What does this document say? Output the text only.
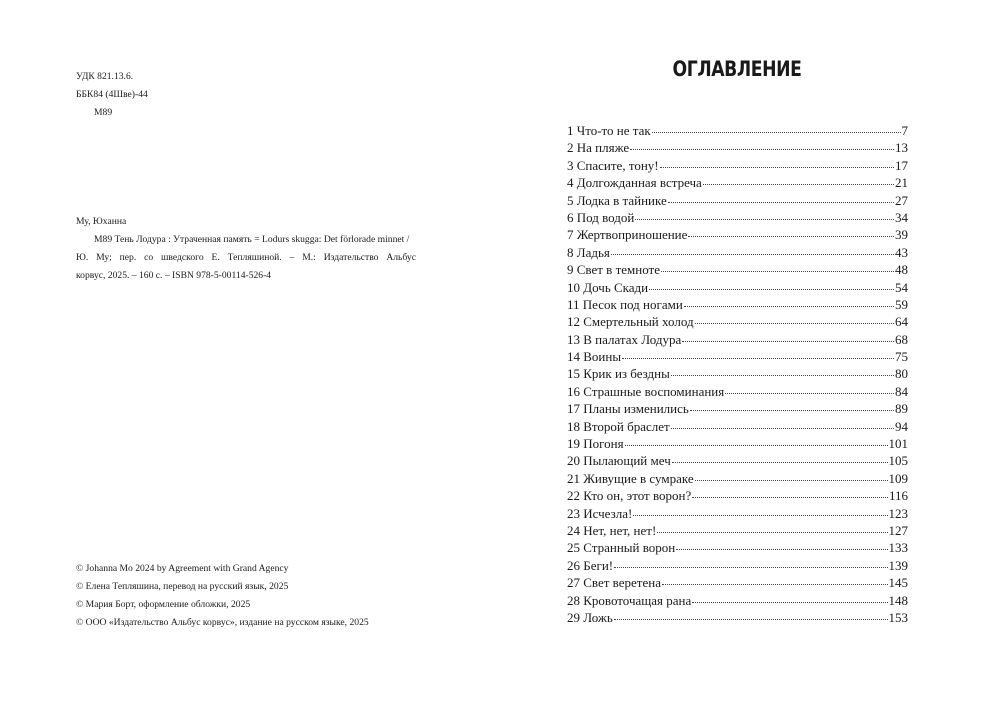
УДК 821.13.6.
ББК84 (4Шве)-44
М89
Му, Юханна
М89 Тень Лодура : Утраченная память = Lodurs skugga: Det förlorade minnet /
Ю. Му; пер. со шведского Е. Тепляшиной. – М.: Издательство Альбус
корвус, 2025. – 160 с. – ISBN 978-5-00114-526-4
© Johanna Mo 2024 by Agreement with Grand Agency
© Елена Тепляшина, перевод на русский язык, 2025
© Мария Борт, оформление обложки, 2025
© ООО «Издательство Альбус корвус», издание на русском языке, 2025
ОГЛАВЛЕНИЕ
1 Что-то не так	7
2 На пляже	13
3 Спасите, тону!	17
4 Долгожданная встреча	21
5 Лодка в тайнике	27
6 Под водой	34
7 Жертвоприношение	39
8 Ладья	43
9 Свет в темноте	48
10 Дочь Скади	54
11 Песок под ногами	59
12 Смертельный холод	64
13 В палатах Лодура	68
14 Воины	75
15 Крик из бездны	80
16 Страшные воспоминания	84
17 Планы изменились	89
18 Второй браслет	94
19 Погоня	101
20 Пылающий меч	105
21 Живущие в сумраке	109
22 Кто он, этот ворон?	116
23 Исчезла!	123
24 Нет, нет, нет!	127
25 Странный ворон	133
26 Беги!	139
27 Свет веретена	145
28 Кровоточащая рана	148
29 Ложь	153
